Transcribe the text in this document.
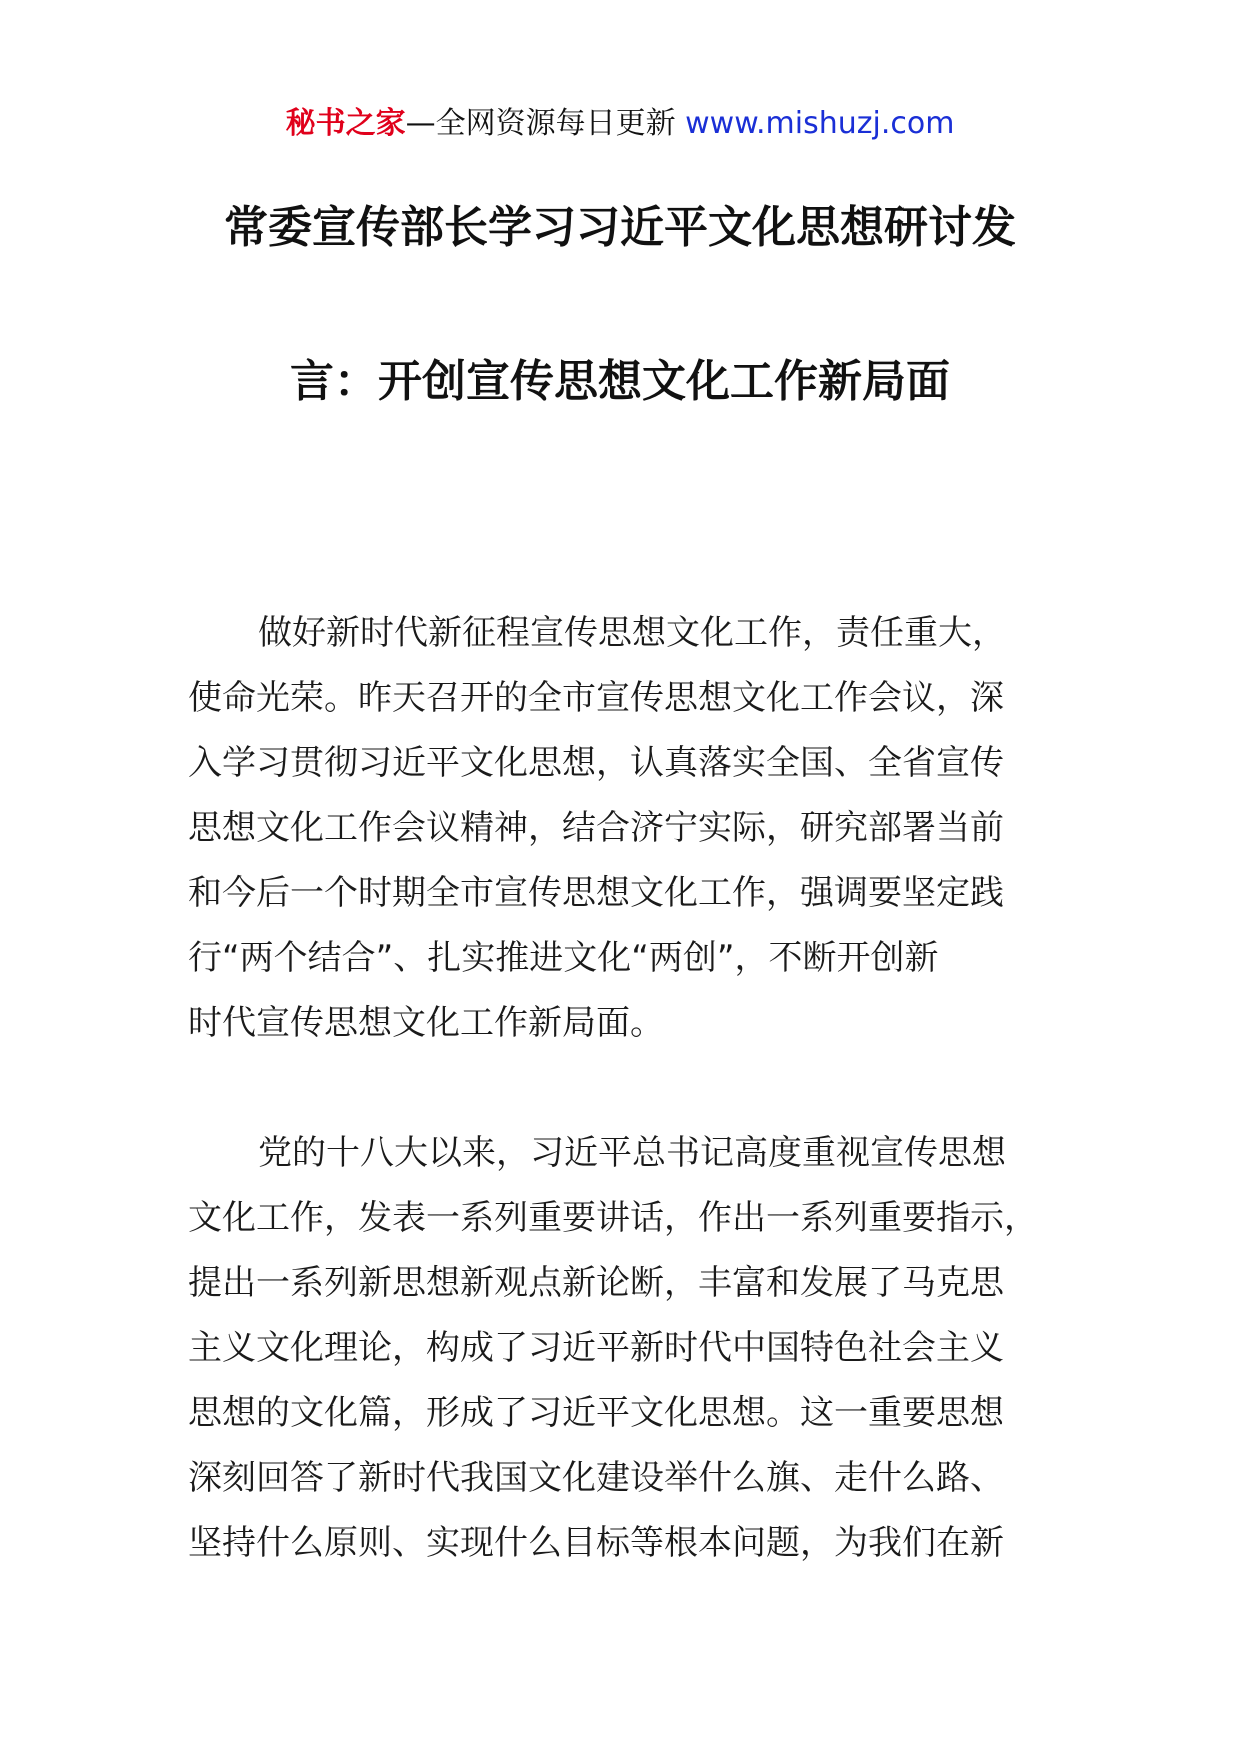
秘书之家—全网资源每日更新 www.mishuzj.com
常委宣传部长学习习近平文化思想研讨发
言：开创宣传思想文化工作新局面
做好新时代新征程宣传思想文化工作，责任重大，
使命光荣。昨天召开的全市宣传思想文化工作会议，深
入学习贯彻习近平文化思想，认真落实全国、全省宣传
思想文化工作会议精神，结合济宁实际，研究部署当前
和今后一个时期全市宣传思想文化工作，强调要坚定践
行“两个结合”、扎实推进文化“两创”，不断开创新
时代宣传思想文化工作新局面。
党的十八大以来，习近平总书记高度重视宣传思想
文化工作，发表一系列重要讲话，作出一系列重要指示，
提出一系列新思想新观点新论断，丰富和发展了马克思
主义文化理论，构成了习近平新时代中国特色社会主义
思想的文化篇，形成了习近平文化思想。这一重要思想
深刻回答了新时代我国文化建设举什么旗、走什么路、
坚持什么原则、实现什么目标等根本问题，为我们在新
